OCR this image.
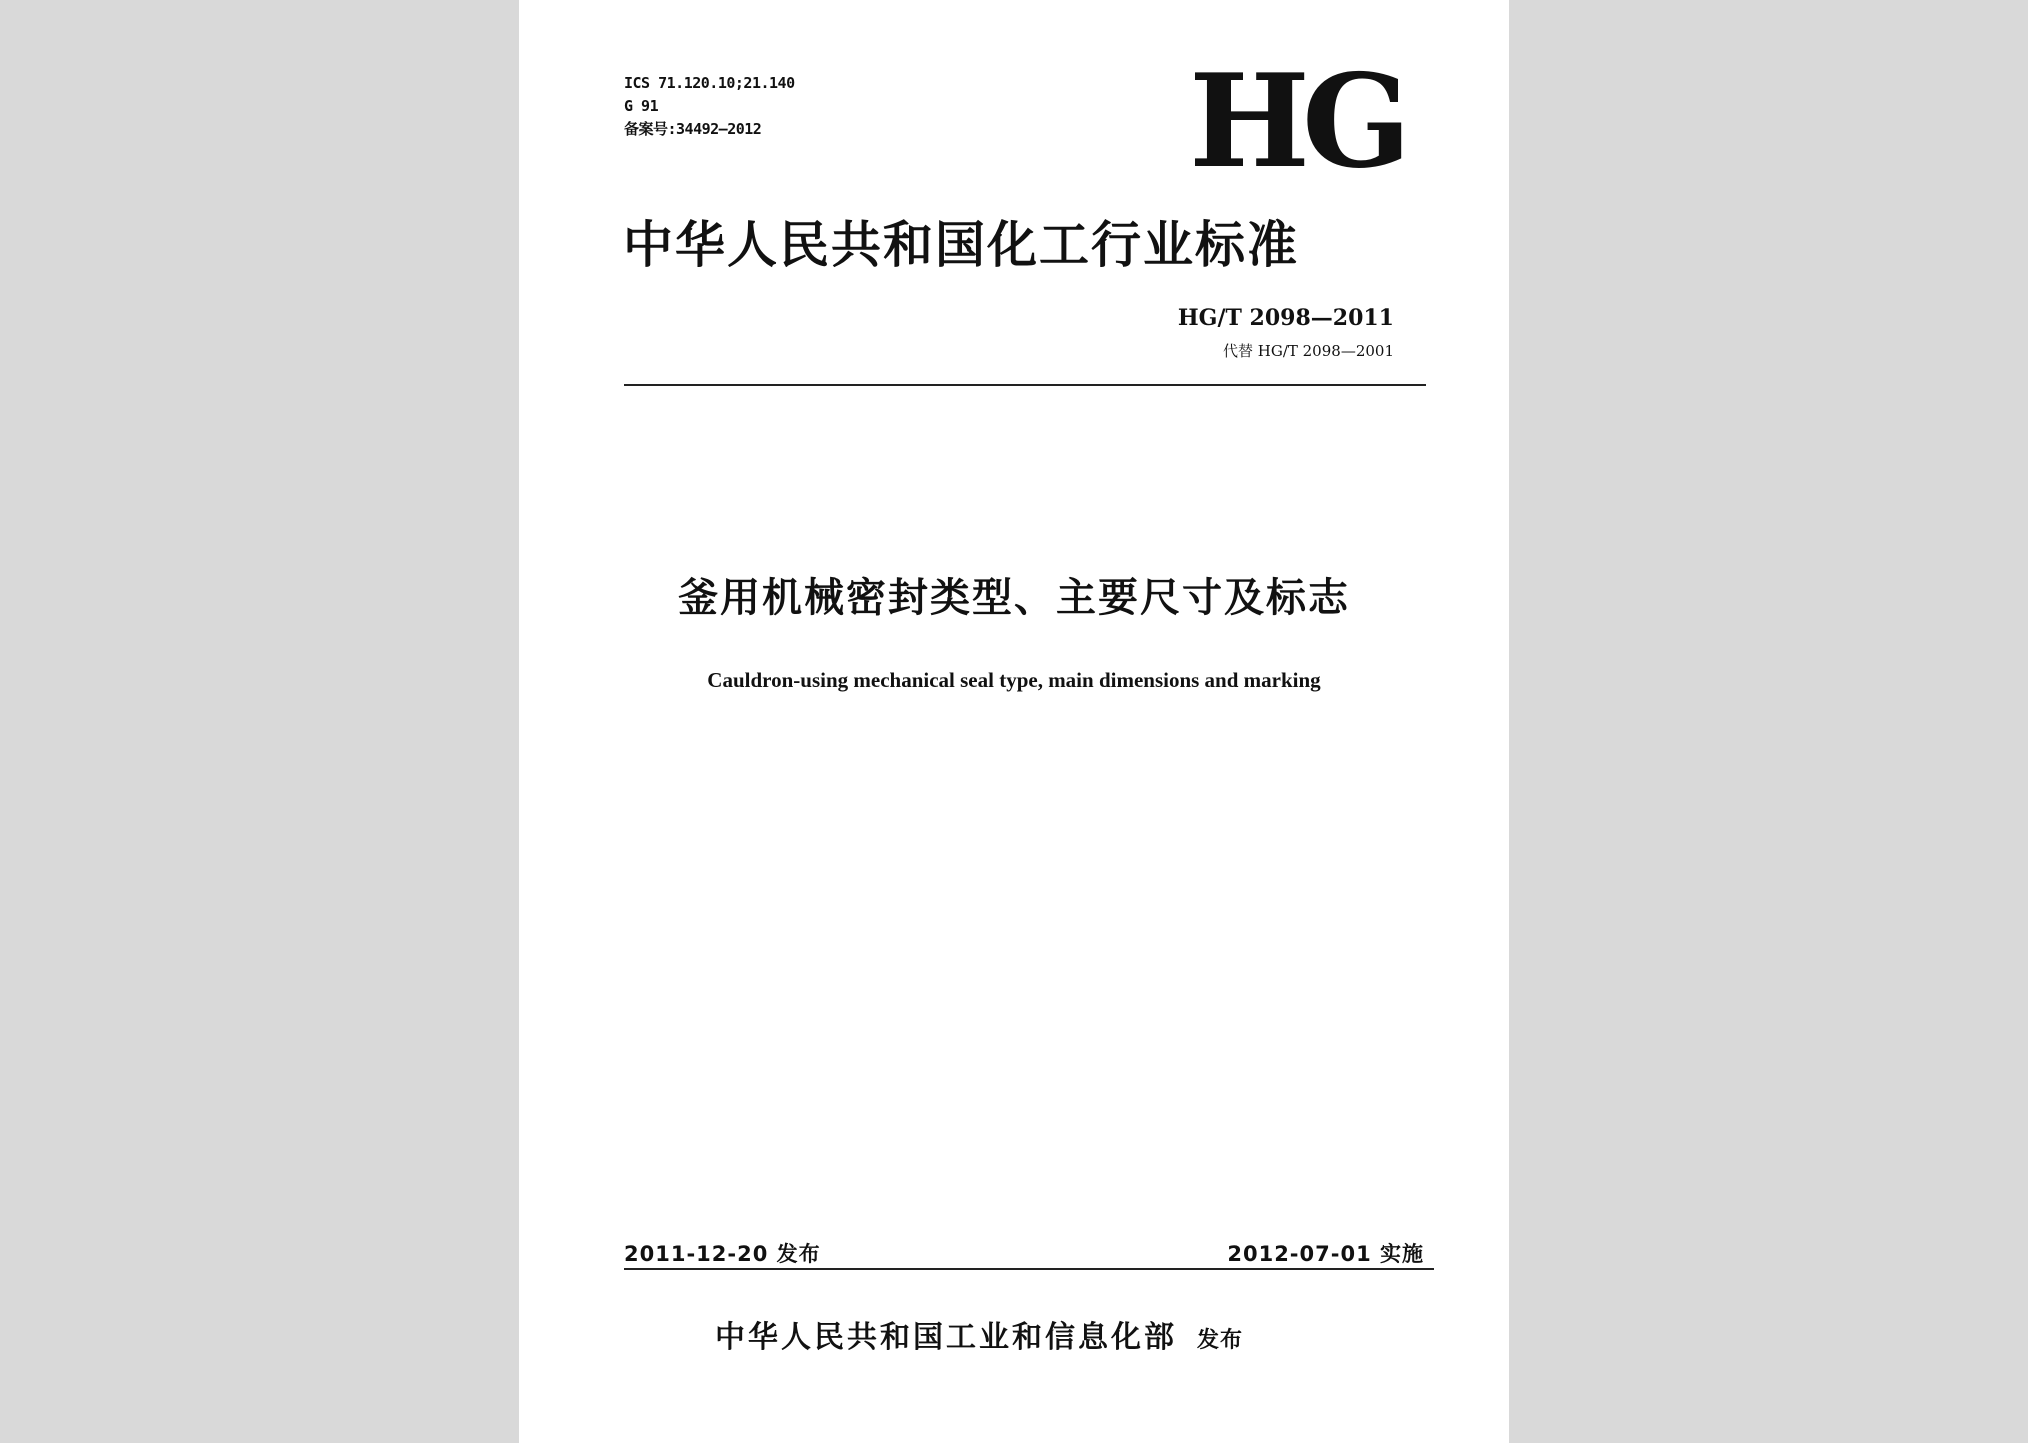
ICS 71.120.10;21.140
G 91
备案号:34492—2012	HG
中华人民共和国化工行业标准
HG/T 2098—2011
代替 HG/T 2098—2001
釜用机械密封类型、主要尺寸及标志
Cauldron-using mechanical seal type, main dimensions and marking
2011-12-20 发布	2012-07-01 实施
中华人民共和国工业和信息化部 发布
